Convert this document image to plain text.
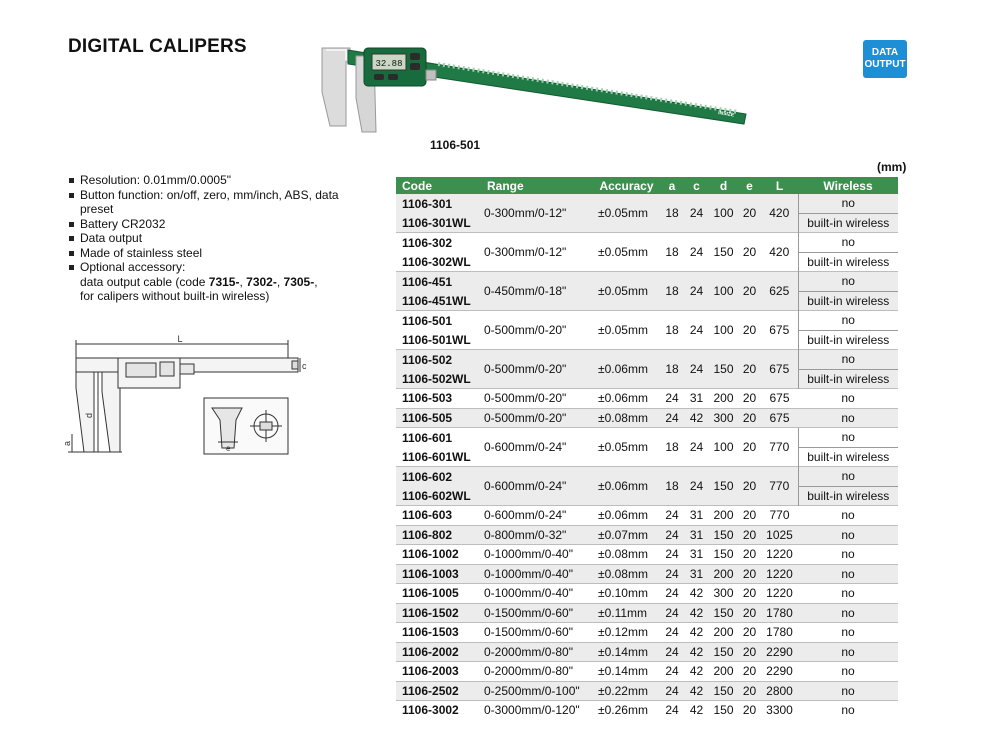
DIGITAL CALIPERS	DATA
OUTPUT
32.88
INSIZE
1106-501
(mm)
Resolution: 0.01mm/0.0005"
Button function: on/off, zero, mm/inch, ABS, data preset
Battery CR2032
Data output
Made of stainless steel
Optional accessory:
data output cable (code 7315-, 7302-, 7305-,
for calipers without built-in wireless)
L
c
d
a
e
Code	Range	Accuracy	a	c	d	e	L	Wireless
1106-301	0-300mm/0-12"	±0.05mm	18	24	100	20	420	no
1106-301WL								built-in wireless
1106-302	0-300mm/0-12"	±0.05mm	18	24	150	20	420	no
1106-302WL								built-in wireless
1106-451	0-450mm/0-18"	±0.05mm	18	24	100	20	625	no
1106-451WL								built-in wireless
1106-501	0-500mm/0-20"	±0.05mm	18	24	100	20	675	no
1106-501WL								built-in wireless
1106-502	0-500mm/0-20"	±0.06mm	18	24	150	20	675	no
1106-502WL								built-in wireless
1106-503	0-500mm/0-20"	±0.06mm	24	31	200	20	675	no
1106-505	0-500mm/0-20"	±0.08mm	24	42	300	20	675	no
1106-601	0-600mm/0-24"	±0.05mm	18	24	100	20	770	no
1106-601WL								built-in wireless
1106-602	0-600mm/0-24"	±0.06mm	18	24	150	20	770	no
1106-602WL								built-in wireless
1106-603	0-600mm/0-24"	±0.06mm	24	31	200	20	770	no
1106-802	0-800mm/0-32"	±0.07mm	24	31	150	20	1025	no
1106-1002	0-1000mm/0-40"	±0.08mm	24	31	150	20	1220	no
1106-1003	0-1000mm/0-40"	±0.08mm	24	31	200	20	1220	no
1106-1005	0-1000mm/0-40"	±0.10mm	24	42	300	20	1220	no
1106-1502	0-1500mm/0-60"	±0.11mm	24	42	150	20	1780	no
1106-1503	0-1500mm/0-60"	±0.12mm	24	42	200	20	1780	no
1106-2002	0-2000mm/0-80"	±0.14mm	24	42	150	20	2290	no
1106-2003	0-2000mm/0-80"	±0.14mm	24	42	200	20	2290	no
1106-2502	0-2500mm/0-100"	±0.22mm	24	42	150	20	2800	no
1106-3002	0-3000mm/0-120"	±0.26mm	24	42	150	20	3300	no
